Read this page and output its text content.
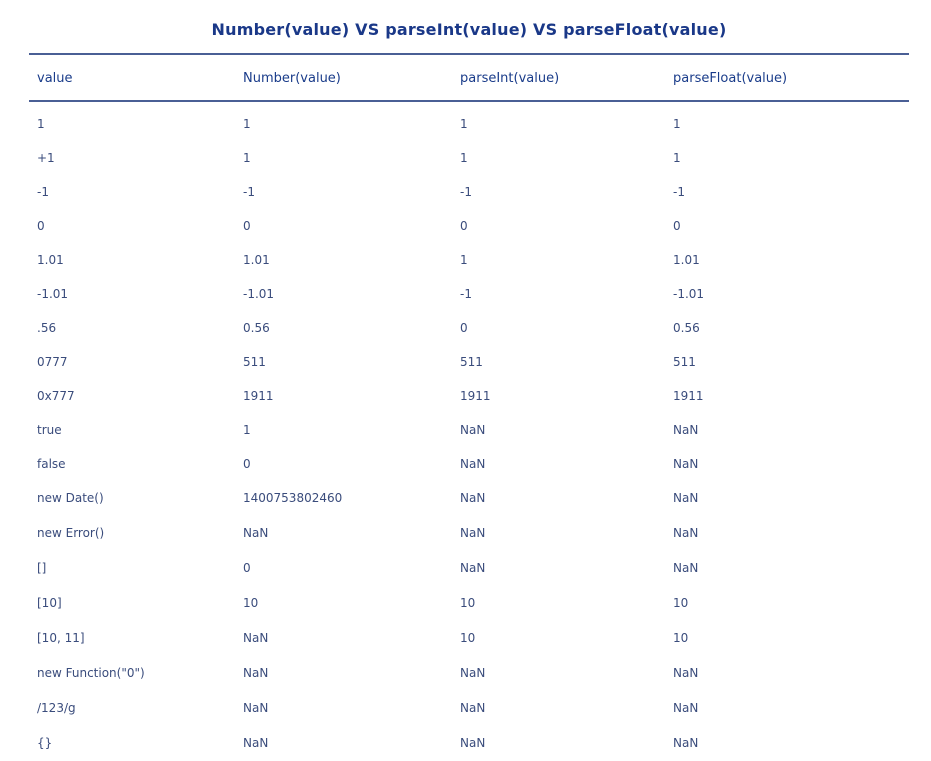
Number(value) VS parseInt(value) VS parseFloat(value)
value	Number(value)	parseInt(value)	parseFloat(value)
1	1	1	1
+1	1	1	1
-1	-1	-1	-1
0	0	0	0
1.01	1.01	1	1.01
-1.01	-1.01	-1	-1.01
.56	0.56	0	0.56
0777	511	511	511
0x777	1911	1911	1911
true	1	NaN	NaN
false	0	NaN	NaN
new Date()	1400753802460	NaN	NaN
new Error()	NaN	NaN	NaN
[]	0	NaN	NaN
[10]	10	10	10
[10, 11]	NaN	10	10
new Function("0")	NaN	NaN	NaN
/123/g	NaN	NaN	NaN
{}	NaN	NaN	NaN
